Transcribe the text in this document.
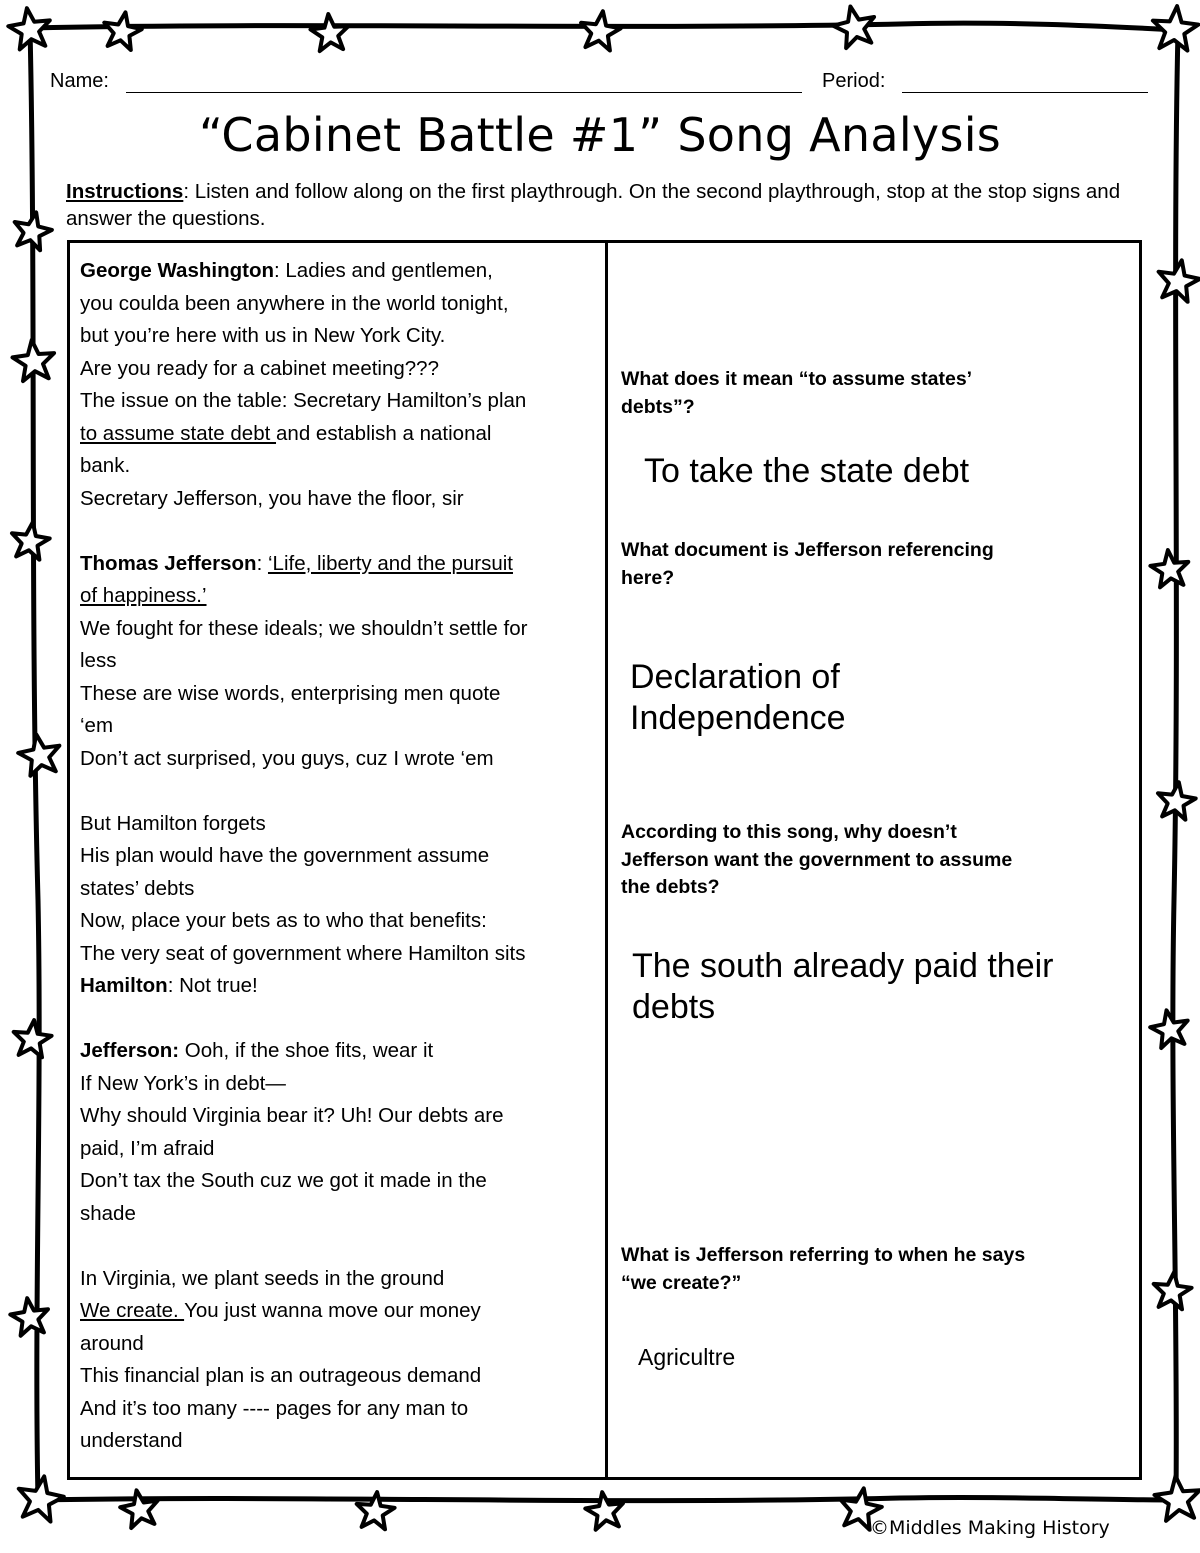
Name:	Period:
“Cabinet Battle #1” Song Analysis
Instructions: Listen and follow along on the first playthrough. On the second playthrough, stop at the stop signs and answer the questions.
George Washington: Ladies and gentlemen,
you coulda been anywhere in the world tonight,
but you’re here with us in New York City.
Are you ready for a cabinet meeting???
The issue on the table: Secretary Hamilton’s plan
to assume state debt and establish a national
bank.
Secretary Jefferson, you have the floor, sir
Thomas Jefferson: ‘Life, liberty and the pursuit
of happiness.’
We fought for these ideals; we shouldn’t settle for
less
These are wise words, enterprising men quote
‘em
Don’t act surprised, you guys, cuz I wrote ‘em
But Hamilton forgets
His plan would have the government assume
states’ debts
Now, place your bets as to who that benefits:
The very seat of government where Hamilton sits
Hamilton: Not true!
Jefferson: Ooh, if the shoe fits, wear it
If New York’s in debt—
Why should Virginia bear it? Uh! Our debts are
paid, I’m afraid
Don’t tax the South cuz we got it made in the
shade
In Virginia, we plant seeds in the ground
We create. You just wanna move our money
around
This financial plan is an outrageous demand
And it’s too many ---- pages for any man to
understand
What does it mean “to assume states’
debts”?
To take the state debt
What document is Jefferson referencing
here?
Declaration of
Independence
According to this song, why doesn’t
Jefferson want the government to assume
the debts?
The south already paid their
debts
What is Jefferson referring to when he says
“we create?”
Agricultre
©Middles Making History
